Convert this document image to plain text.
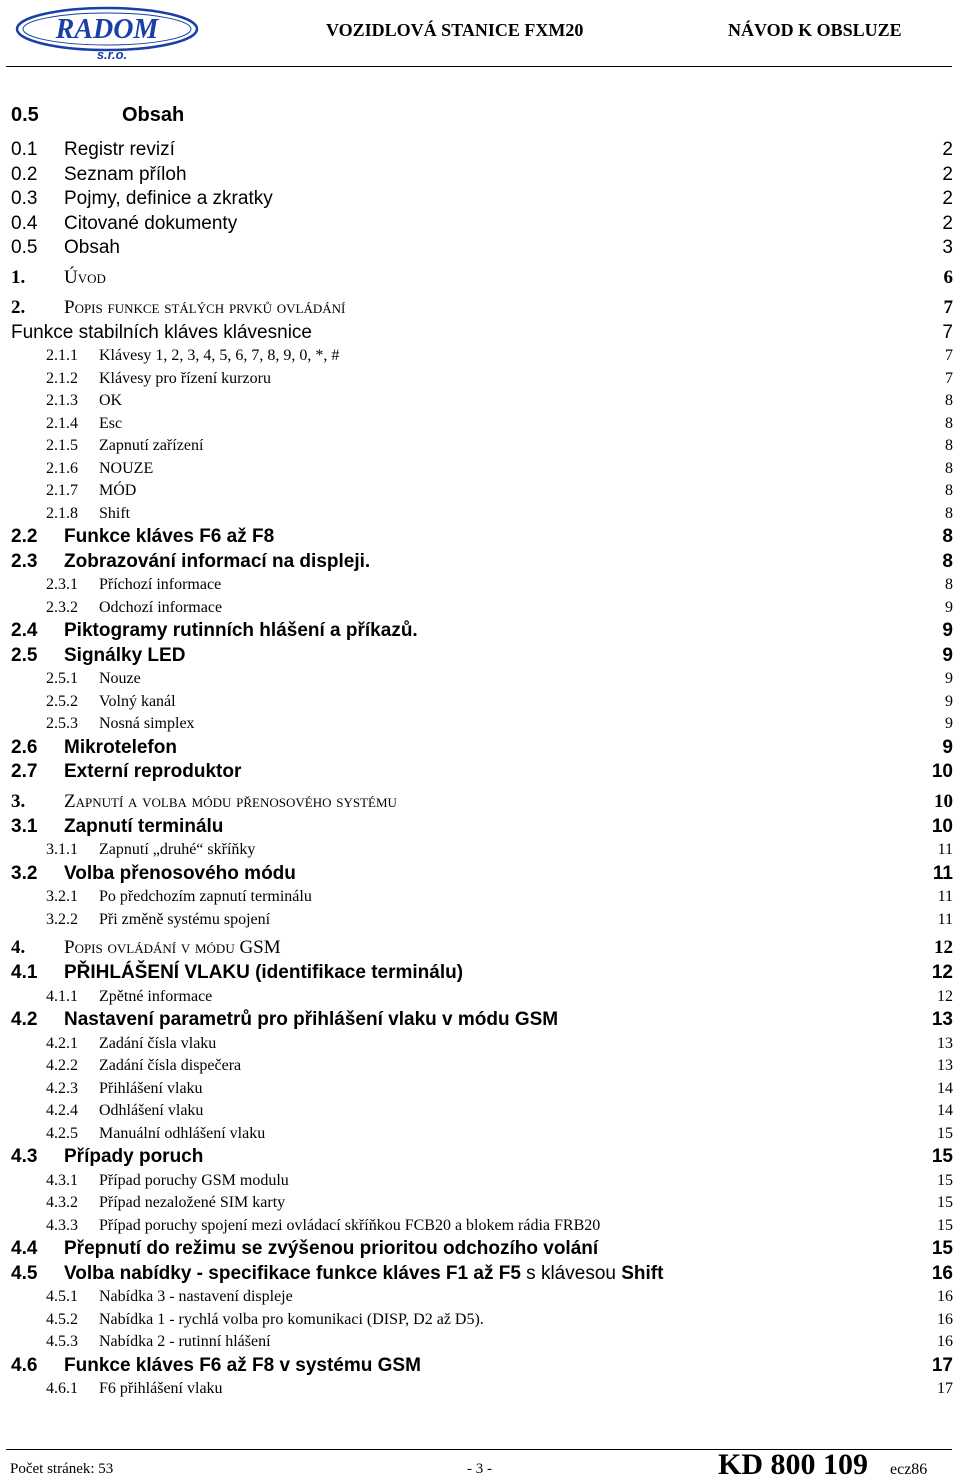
RADOM
s.r.o.
VOZIDLOVÁ STANICE FXM20	NÁVOD K OBSLUZE
0.5	Obsah
0.1 Registr revizí	2
0.2 Seznam příloh	2
0.3 Pojmy, definice a zkratky	2
0.4 Citované dokumenty	2
0.5 Obsah	3
1. Úvod	6
2. Popis funkce stálých prvků ovládání	7
Funkce stabilních kláves klávesnice	7
2.1.1 Klávesy 1, 2, 3, 4, 5, 6, 7, 8, 9, 0, *, #	7
2.1.2 Klávesy pro řízení kurzoru	7
2.1.3 OK	8
2.1.4 Esc	8
2.1.5 Zapnutí zařízení	8
2.1.6 NOUZE	8
2.1.7 MÓD	8
2.1.8 Shift	8
2.2 Funkce kláves F6 až F8	8
2.3 Zobrazování informací na displeji.	8
2.3.1 Příchozí informace	8
2.3.2 Odchozí informace	9
2.4 Piktogramy rutinních hlášení a příkazů.	9
2.5 Signálky LED	9
2.5.1 Nouze	9
2.5.2 Volný kanál	9
2.5.3 Nosná simplex	9
2.6 Mikrotelefon	9
2.7 Externí reproduktor	10
3. Zapnutí a volba módu přenosového systému	10
3.1 Zapnutí terminálu	10
3.1.1 Zapnutí „druhé“ skříňky	11
3.2 Volba přenosového módu	11
3.2.1 Po předchozím zapnutí terminálu	11
3.2.2 Při změně systému spojení	11
4. Popis ovládání v módu GSM	12
4.1 PŘIHLÁŠENÍ VLAKU (identifikace terminálu)	12
4.1.1 Zpětné informace	12
4.2 Nastavení parametrů pro přihlášení vlaku v módu GSM	13
4.2.1 Zadání čísla vlaku	13
4.2.2 Zadání čísla dispečera	13
4.2.3 Přihlášení vlaku	14
4.2.4 Odhlášení vlaku	14
4.2.5 Manuální odhlášení vlaku	15
4.3 Případy poruch	15
4.3.1 Případ poruchy GSM modulu	15
4.3.2 Případ nezaložené SIM karty	15
4.3.3 Případ poruchy spojení mezi ovládací skříňkou FCB20 a blokem rádia FRB20	15
4.4 Přepnutí do režimu se zvýšenou prioritou odchozího volání	15
4.5 Volba nabídky - specifikace funkce kláves F1 až F5 s klávesou Shift	16
4.5.1 Nabídka 3 - nastavení displeje	16
4.5.2 Nabídka 1 - rychlá volba pro komunikaci (DISP, D2 až D5).	16
4.5.3 Nabídka 2 - rutinní hlášení	16
4.6 Funkce kláves F6 až F8 v systému GSM	17
4.6.1 F6 přihlášení vlaku	17
Počet stránek: 53	- 3 -	KD 800 109 ecz86
